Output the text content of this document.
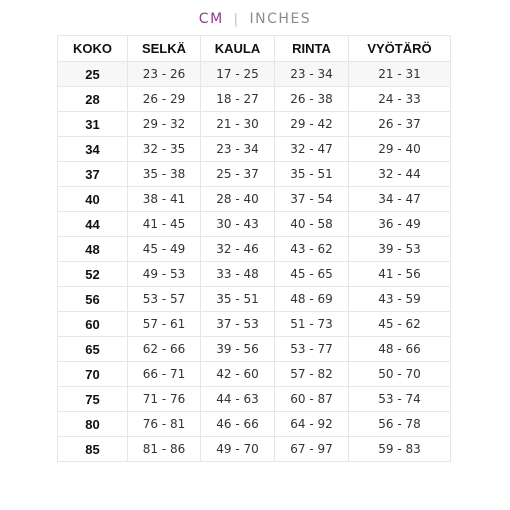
CM | INCHES
KOKO	SELKÄ	KAULA	RINTA	VYÖTÄRÖ
25	23 - 26	17 - 25	23 - 34	21 - 31
28	26 - 29	18 - 27	26 - 38	24 - 33
31	29 - 32	21 - 30	29 - 42	26 - 37
34	32 - 35	23 - 34	32 - 47	29 - 40
37	35 - 38	25 - 37	35 - 51	32 - 44
40	38 - 41	28 - 40	37 - 54	34 - 47
44	41 - 45	30 - 43	40 - 58	36 - 49
48	45 - 49	32 - 46	43 - 62	39 - 53
52	49 - 53	33 - 48	45 - 65	41 - 56
56	53 - 57	35 - 51	48 - 69	43 - 59
60	57 - 61	37 - 53	51 - 73	45 - 62
65	62 - 66	39 - 56	53 - 77	48 - 66
70	66 - 71	42 - 60	57 - 82	50 - 70
75	71 - 76	44 - 63	60 - 87	53 - 74
80	76 - 81	46 - 66	64 - 92	56 - 78
85	81 - 86	49 - 70	67 - 97	59 - 83
